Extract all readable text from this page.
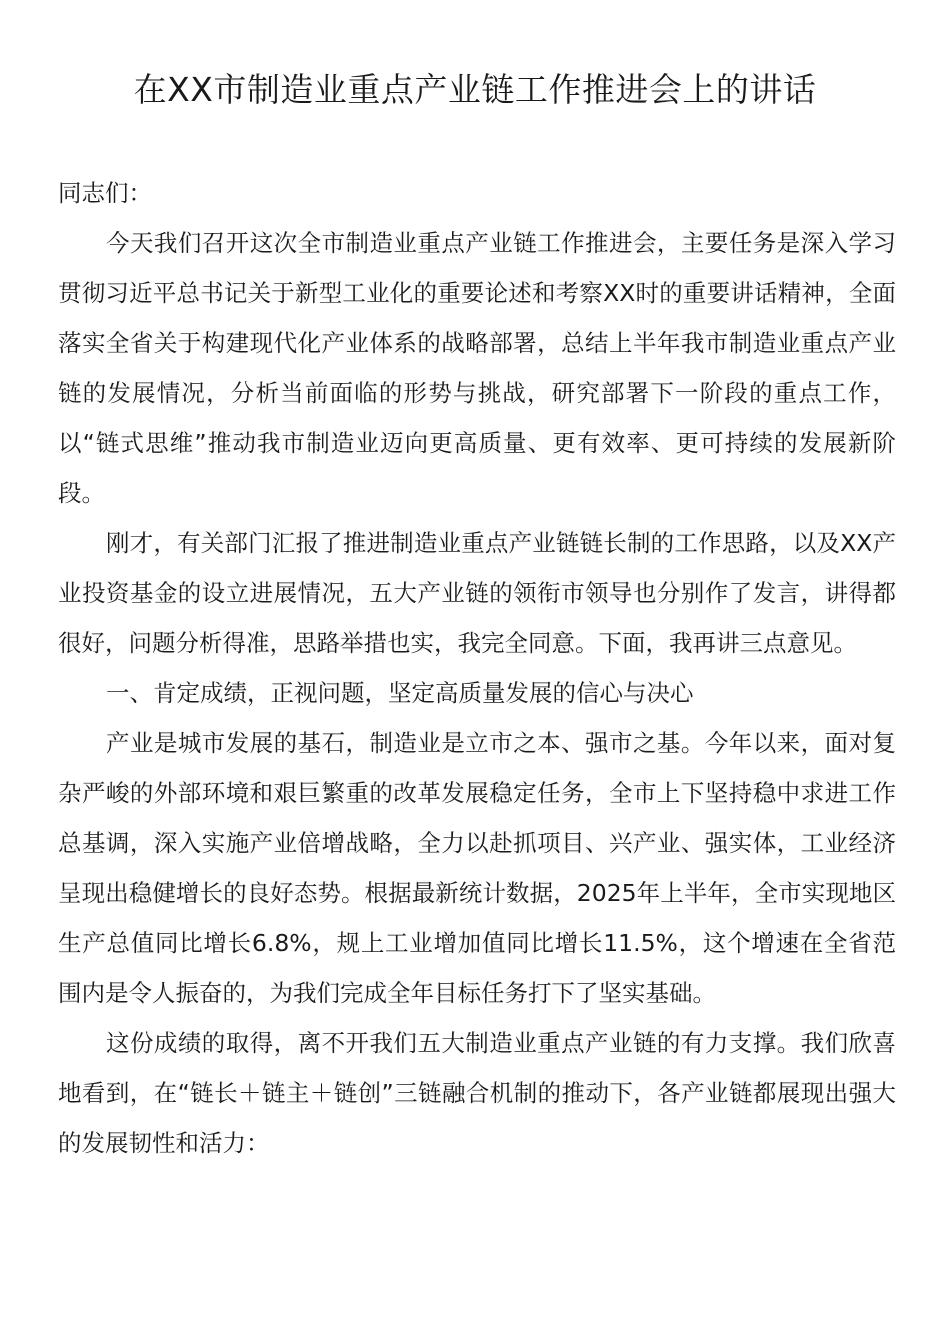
在XX市制造业重点产业链工作推进会上的讲话

同志们：

今天我们召开这次全市制造业重点产业链工作推进会，主要任务是深入学习贯彻习近平总书记关于新型工业化的重要论述和考察XX时的重要讲话精神，全面落实全省关于构建现代化产业体系的战略部署，总结上半年我市制造业重点产业链的发展情况，分析当前面临的形势与挑战，研究部署下一阶段的重点工作，以“链式思维”推动我市制造业迈向更高质量、更有效率、更可持续的发展新阶段。

刚才，有关部门汇报了推进制造业重点产业链链长制的工作思路，以及XX产业投资基金的设立进展情况，五大产业链的领衔市领导也分别作了发言，讲得都很好，问题分析得准，思路举措也实，我完全同意。下面，我再讲三点意见。

一、肯定成绩，正视问题，坚定高质量发展的信心与决心

产业是城市发展的基石，制造业是立市之本、强市之基。今年以来，面对复杂严峻的外部环境和艰巨繁重的改革发展稳定任务，全市上下坚持稳中求进工作总基调，深入实施产业倍增战略，全力以赴抓项目、兴产业、强实体，工业经济呈现出稳健增长的良好态势。根据最新统计数据，2025年上半年，全市实现地区生产总值同比增长6.8%，规上工业增加值同比增长11.5%，这个增速在全省范围内是令人振奋的，为我们完成全年目标任务打下了坚实基础。

这份成绩的取得，离不开我们五大制造业重点产业链的有力支撑。我们欣喜地看到，在“链长＋链主＋链创”三链融合机制的推动下，各产业链都展现出强大的发展韧性和活力：
